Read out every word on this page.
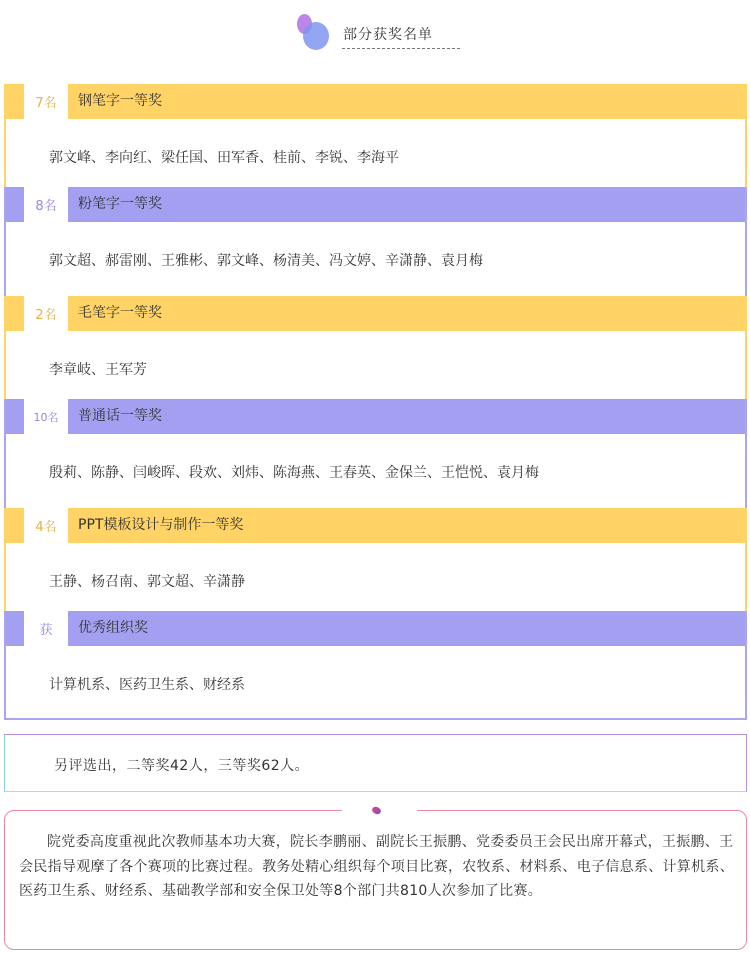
部分获奖名单
7名	钢笔字一等奖
郭文峰、李向红、梁任国、田军香、桂前、李锐、李海平
8名	粉笔字一等奖
郭文超、郝雷刚、王雅彬、郭文峰、杨清美、冯文婷、辛潇静、袁月梅
2名	毛笔字一等奖
李章岐、王军芳
10名	普通话一等奖
殷莉、陈静、闫峻晖、段欢、刘炜、陈海燕、王春英、金保兰、王恺悦、袁月梅
4名	PPT模板设计与制作一等奖
王静、杨召南、郭文超、辛潇静
获	优秀组织奖
计算机系、医药卫生系、财经系
另评选出，二等奖42人，三等奖62人。
院党委高度重视此次教师基本功大赛，院长李鹏丽、副院长王振鹏、党委委员王会民出席开幕式，王振鹏、王会民指导观摩了各个赛项的比赛过程。教务处精心组织每个项目比赛，农牧系、材料系、电子信息系、计算机系、医药卫生系、财经系、基础教学部和安全保卫处等8个部门共810人次参加了比赛。
